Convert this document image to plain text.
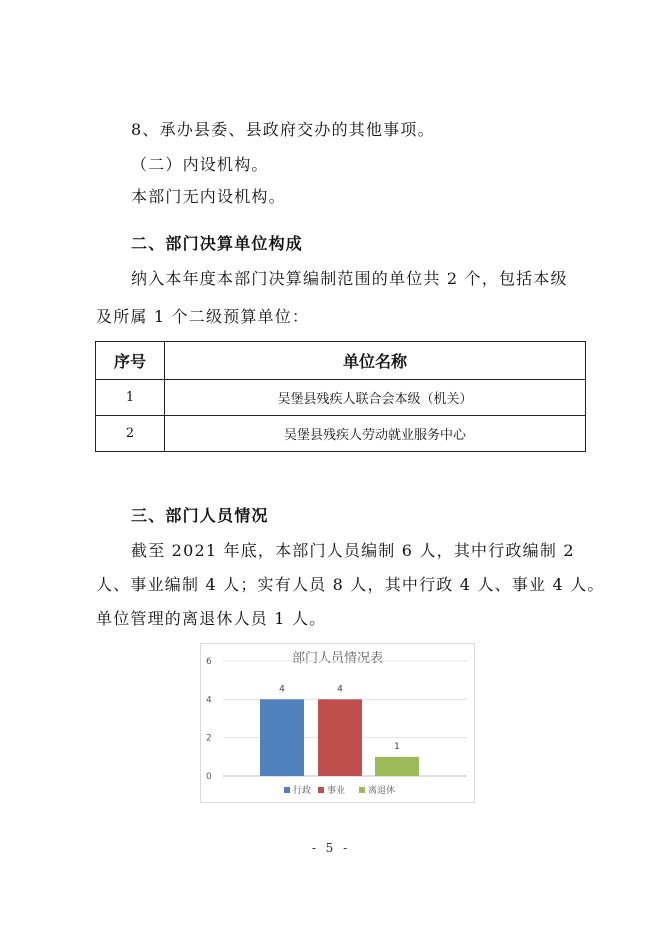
8、承办县委、县政府交办的其他事项。
（二）内设机构。
本部门无内设机构。
二、部门决算单位构成
纳入本年度本部门决算编制范围的单位共 2 个，包括本级
及所属 1 个二级预算单位：
序号	单位名称
1	吴堡县残疾人联合会本级（机关）
2	吴堡县残疾人劳动就业服务中心
三、部门人员情况
截至 2021 年底，本部门人员编制 6 人，其中行政编制 2
人、事业编制 4 人；实有人员 8 人，其中行政 4 人、事业 4 人。
单位管理的离退休人员 1 人。
部门人员情况表
0
2
4
6
4	4
1
行政 事业	离退休
- 5 -
